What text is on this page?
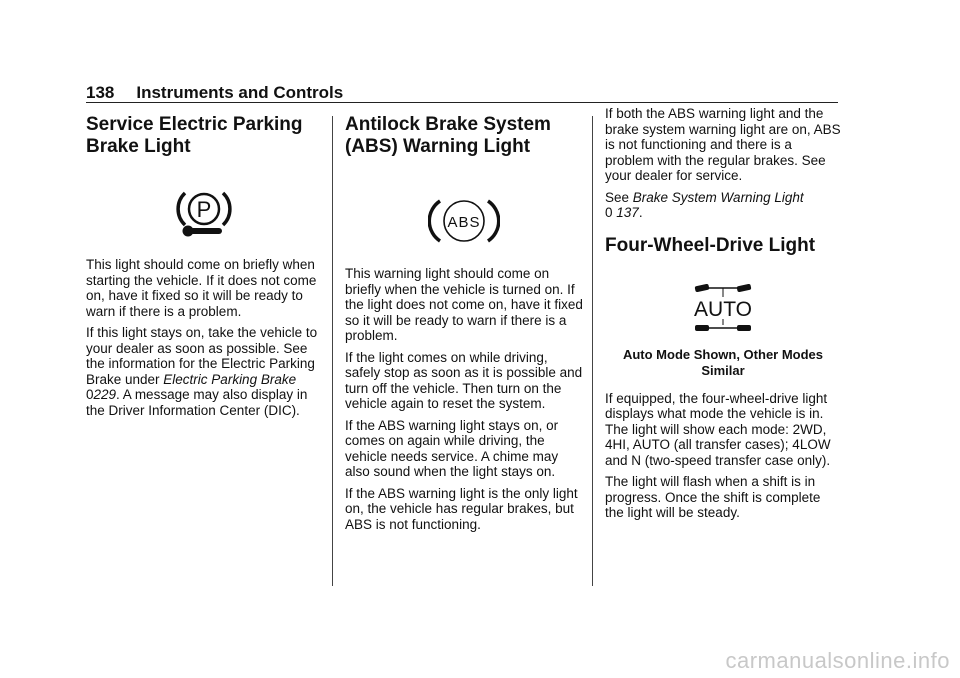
138 Instruments and Controls
Service Electric Parking Brake Light
P

This light should come on briefly when starting the vehicle. If it does not come on, have it fixed so it will be ready to warn if there is a problem.

If this light stays on, take the vehicle to your dealer as soon as possible. See the information for the Electric Parking Brake under Electric Parking Brake 0229. A message may also display in the Driver Information Center (DIC).

Antilock Brake System (ABS) Warning Light
ABS

This warning light should come on briefly when the vehicle is turned on. If the light does not come on, have it fixed so it will be ready to warn if there is a problem.

If the light comes on while driving, safely stop as soon as it is possible and turn off the vehicle. Then turn on the vehicle again to reset the system.

If the ABS warning light stays on, or comes on again while driving, the vehicle needs service. A chime may also sound when the light stays on.

If the ABS warning light is the only light on, the vehicle has regular brakes, but ABS is not functioning.

If both the ABS warning light and the brake system warning light are on, ABS is not functioning and there is a problem with the regular brakes. See your dealer for service.

See Brake System Warning Light
0 137.

Four-Wheel-Drive Light
AUTO

Auto Mode Shown, Other Modes Similar

If equipped, the four-wheel-drive light displays what mode the vehicle is in. The light will show each mode: 2WD, 4HI, AUTO (all transfer cases); 4LOW and N (two-speed transfer case only).

The light will flash when a shift is in progress. Once the shift is complete the light will be steady.

carmanualsonline.info
